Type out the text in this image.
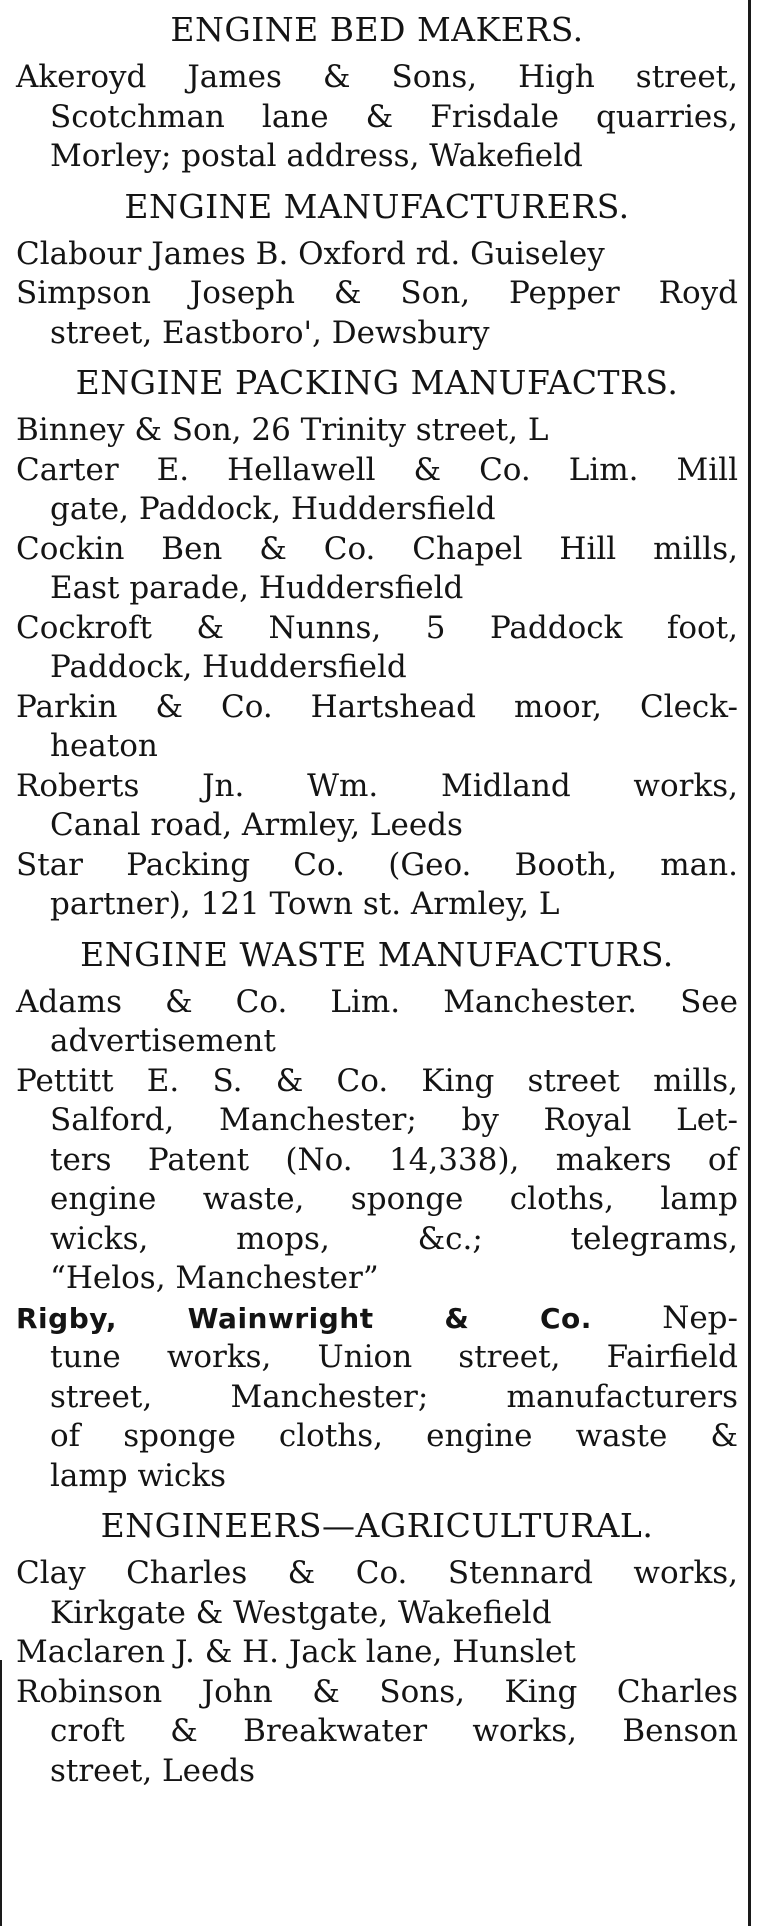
ENGINE BED MAKERS.
Akeroyd James & Sons, High street,
Scotchman lane & Frisdale quarries,
Morley; postal address, Wakefield
ENGINE MANUFACTURERS.
Clabour James B. Oxford rd. Guiseley
Simpson Joseph & Son, Pepper Royd
street, Eastboro', Dewsbury
ENGINE PACKING MANUFACTRS.
Binney & Son, 26 Trinity street, L
Carter E. Hellawell & Co. Lim. Mill
gate, Paddock, Huddersfield
Cockin Ben & Co. Chapel Hill mills,
East parade, Huddersfield
Cockroft & Nunns, 5 Paddock foot,
Paddock, Huddersfield
Parkin & Co. Hartshead moor, Cleck-
heaton
Roberts Jn. Wm. Midland works,
Canal road, Armley, Leeds
Star Packing Co. (Geo. Booth, man.
partner), 121 Town st. Armley, L
ENGINE WASTE MANUFACTURS.
Adams & Co. Lim. Manchester. See
advertisement
Pettitt E. S. & Co. King street mills,
Salford, Manchester; by Royal Let-
ters Patent (No. 14,338), makers of
engine waste, sponge cloths, lamp
wicks, mops, &c.; telegrams,
“Helos, Manchester”
Rigby, Wainwright & Co. Nep-
tune works, Union street, Fairfield
street, Manchester; manufacturers
of sponge cloths, engine waste &
lamp wicks
ENGINEERS—AGRICULTURAL.
Clay Charles & Co. Stennard works,
Kirkgate & Westgate, Wakefield
Maclaren J. & H. Jack lane, Hunslet
Robinson John & Sons, King Charles
croft & Breakwater works, Benson
street, Leeds
